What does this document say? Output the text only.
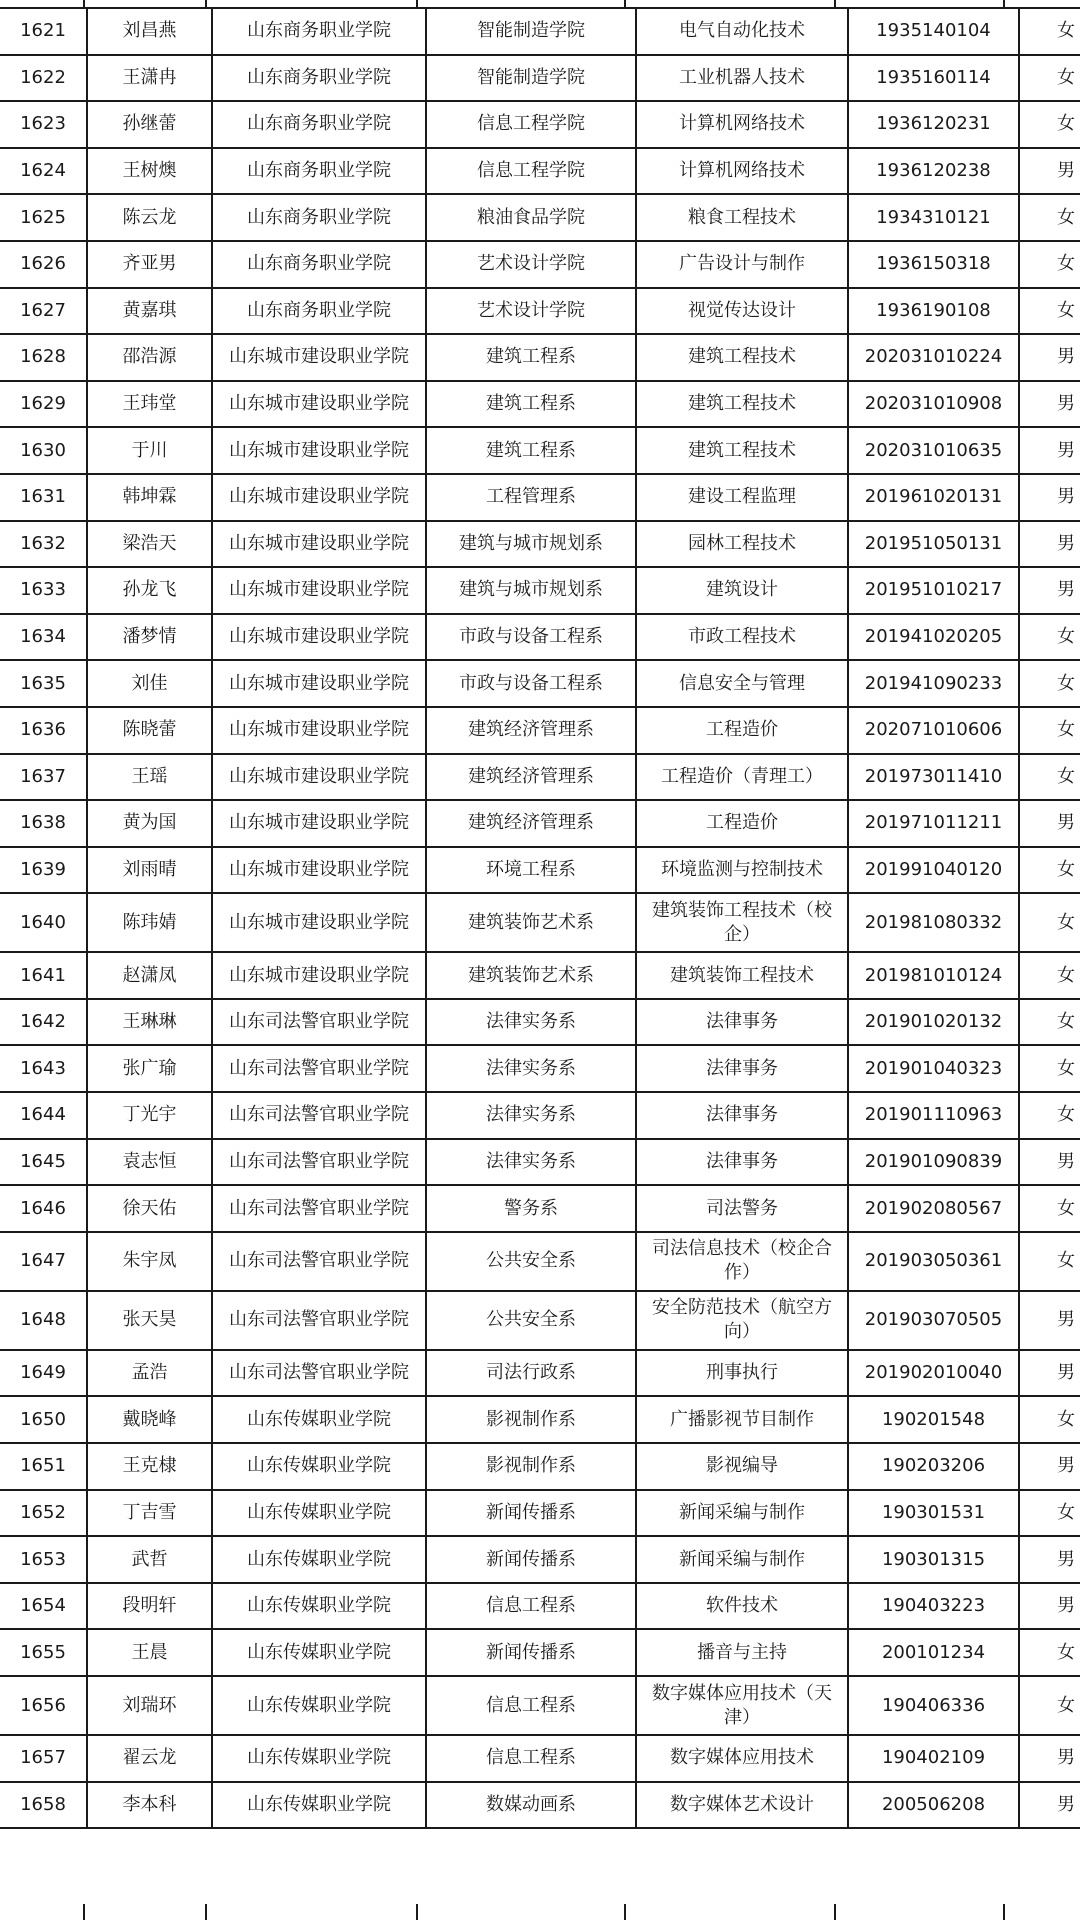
1621	刘昌燕	山东商务职业学院	智能制造学院	电气自动化技术	1935140104	女
1622	王潇冉	山东商务职业学院	智能制造学院	工业机器人技术	1935160114	女
1623	孙继蕾	山东商务职业学院	信息工程学院	计算机网络技术	1936120231	女
1624	王树燠	山东商务职业学院	信息工程学院	计算机网络技术	1936120238	男
1625	陈云龙	山东商务职业学院	粮油食品学院	粮食工程技术	1934310121	女
1626	齐亚男	山东商务职业学院	艺术设计学院	广告设计与制作	1936150318	女
1627	黄嘉琪	山东商务职业学院	艺术设计学院	视觉传达设计	1936190108	女
1628	邵浩源	山东城市建设职业学院	建筑工程系	建筑工程技术	202031010224	男
1629	王玮堂	山东城市建设职业学院	建筑工程系	建筑工程技术	202031010908	男
1630	于川	山东城市建设职业学院	建筑工程系	建筑工程技术	202031010635	男
1631	韩坤霖	山东城市建设职业学院	工程管理系	建设工程监理	201961020131	男
1632	梁浩天	山东城市建设职业学院	建筑与城市规划系	园林工程技术	201951050131	男
1633	孙龙飞	山东城市建设职业学院	建筑与城市规划系	建筑设计	201951010217	男
1634	潘梦情	山东城市建设职业学院	市政与设备工程系	市政工程技术	201941020205	女
1635	刘佳	山东城市建设职业学院	市政与设备工程系	信息安全与管理	201941090233	女
1636	陈晓蕾	山东城市建设职业学院	建筑经济管理系	工程造价	202071010606	女
1637	王瑶	山东城市建设职业学院	建筑经济管理系	工程造价（青理工）	201973011410	女
1638	黄为国	山东城市建设职业学院	建筑经济管理系	工程造价	201971011211	男
1639	刘雨晴	山东城市建设职业学院	环境工程系	环境监测与控制技术	201991040120	女
1640	陈玮婧	山东城市建设职业学院	建筑装饰艺术系	建筑装饰工程技术（校企）	201981080332	女
1641	赵潇凤	山东城市建设职业学院	建筑装饰艺术系	建筑装饰工程技术	201981010124	女
1642	王琳琳	山东司法警官职业学院	法律实务系	法律事务	201901020132	女
1643	张广瑜	山东司法警官职业学院	法律实务系	法律事务	201901040323	女
1644	丁光宇	山东司法警官职业学院	法律实务系	法律事务	201901110963	女
1645	袁志恒	山东司法警官职业学院	法律实务系	法律事务	201901090839	男
1646	徐天佑	山东司法警官职业学院	警务系	司法警务	201902080567	女
1647	朱宇凤	山东司法警官职业学院	公共安全系	司法信息技术（校企合作）	201903050361	女
1648	张天昊	山东司法警官职业学院	公共安全系	安全防范技术（航空方向）	201903070505	男
1649	孟浩	山东司法警官职业学院	司法行政系	刑事执行	201902010040	男
1650	戴晓峰	山东传媒职业学院	影视制作系	广播影视节目制作	190201548	女
1651	王克棣	山东传媒职业学院	影视制作系	影视编导	190203206	男
1652	丁吉雪	山东传媒职业学院	新闻传播系	新闻采编与制作	190301531	女
1653	武哲	山东传媒职业学院	新闻传播系	新闻采编与制作	190301315	男
1654	段明轩	山东传媒职业学院	信息工程系	软件技术	190403223	男
1655	王晨	山东传媒职业学院	新闻传播系	播音与主持	200101234	女
1656	刘瑞环	山东传媒职业学院	信息工程系	数字媒体应用技术（天津）	190406336	女
1657	翟云龙	山东传媒职业学院	信息工程系	数字媒体应用技术	190402109	男
1658	李本科	山东传媒职业学院	数媒动画系	数字媒体艺术设计	200506208	男
